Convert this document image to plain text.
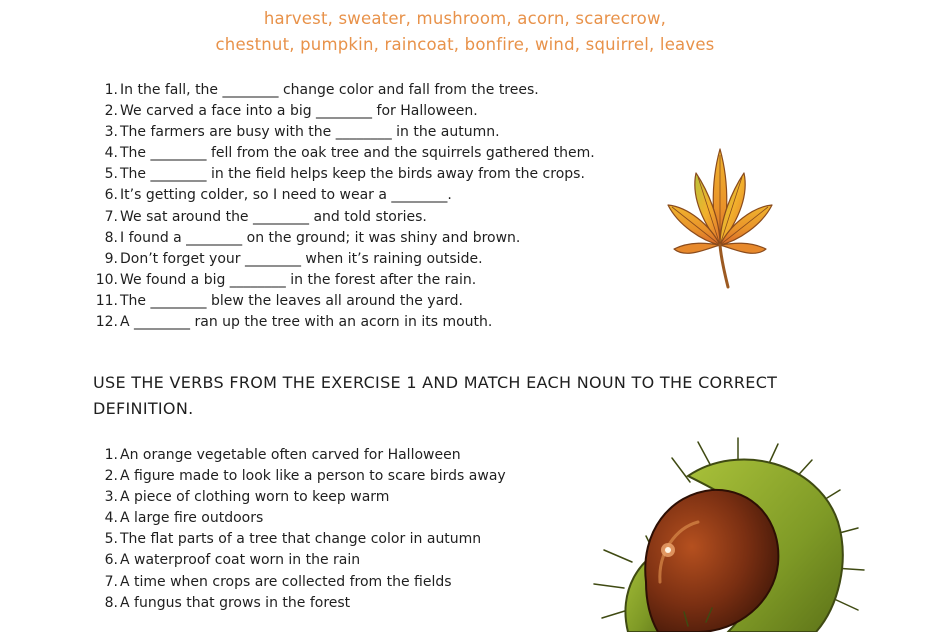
harvest, sweater, mushroom, acorn, scarecrow,
chestnut, pumpkin, raincoat, bonfire, wind, squirrel, leaves
1. In the fall, the ________ change color and fall from the trees.
2. We carved a face into a big ________ for Halloween.
3. The farmers are busy with the ________ in the autumn.
4. The ________ fell from the oak tree and the squirrels gathered them.
5. The ________ in the field helps keep the birds away from the crops.
6. It’s getting colder, so I need to wear a ________.
7. We sat around the ________ and told stories.
8. I found a ________ on the ground; it was shiny and brown.
9. Don’t forget your ________ when it’s raining outside.
10. We found a big ________ in the forest after the rain.
11. The ________ blew the leaves all around the yard.
12. A ________ ran up the tree with an acorn in its mouth.
USE THE VERBS FROM THE EXERCISE 1 AND MATCH EACH NOUN TO THE CORRECT
DEFINITION.
1. An orange vegetable often carved for Halloween
2. A figure made to look like a person to scare birds away
3. A piece of clothing worn to keep warm
4. A large fire outdoors
5. The flat parts of a tree that change color in autumn
6. A waterproof coat worn in the rain
7. A time when crops are collected from the fields
8. A fungus that grows in the forest
